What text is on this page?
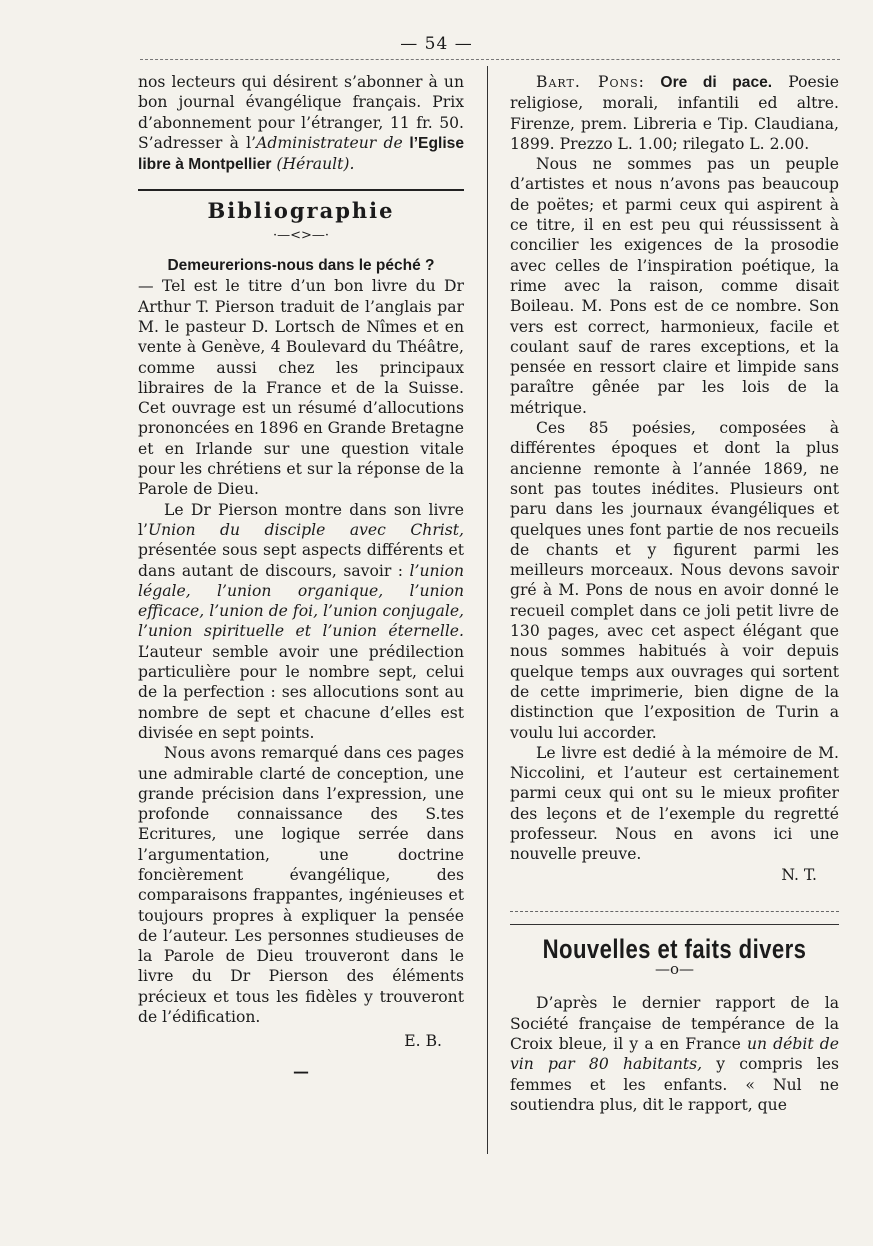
— 54 —

nos lecteurs qui désirent s’abonner à un bon journal évangélique français. Prix d’abonnement pour l’étranger, 11 fr. 50. S’adresser à l’Administrateur de l’Eglise libre à Montpellier (Hérault).

Bibliographie
·—<>—·
Demeurerions-nous dans le péché ?

— Tel est le titre d’un bon livre du Dr Arthur T. Pierson traduit de l’anglais par M. le pasteur D. Lortsch de Nîmes et en vente à Genève, 4 Boulevard du Théâtre, comme aussi chez les principaux libraires de la France et de la Suisse. Cet ouvrage est un résumé d’allocutions prononcées en 1896 en Grande Bretagne et en Irlande sur une question vitale pour les chrétiens et sur la réponse de la Parole de Dieu.

Le Dr Pierson montre dans son livre l’Union du disciple avec Christ, présentée sous sept aspects différents et dans autant de discours, savoir : l’union légale, l’union organique, l’union efficace, l’union de foi, l’union conjugale, l’union spirituelle et l’union éternelle. L’auteur semble avoir une prédilection particulière pour le nombre sept, celui de la perfection : ses allocutions sont au nombre de sept et chacune d’elles est divisée en sept points.

Nous avons remarqué dans ces pages une admirable clarté de conception, une grande précision dans l’expression, une profonde connaissance des S.tes Ecritures, une logique serrée dans l’argumentation, une doctrine foncièrement évangélique, des comparaisons frappantes, ingénieuses et toujours propres à expliquer la pensée de l’auteur. Les personnes studieuses de la Parole de Dieu trouveront dans le livre du Dr Pierson des éléments précieux et tous les fidèles y trouveront de l’édification.

E. B.
—

Bart. Pons: Ore di pace. Poesie religiose, morali, infantili ed altre. Firenze, prem. Libreria e Tip. Claudiana, 1899. Prezzo L. 1.00; rilegato L. 2.00.

Nous ne sommes pas un peuple d’artistes et nous n’avons pas beaucoup de poëtes; et parmi ceux qui aspirent à ce titre, il en est peu qui réussissent à concilier les exigences de la prosodie avec celles de l’inspiration poétique, la rime avec la raison, comme disait Boileau. M. Pons est de ce nombre. Son vers est correct, harmonieux, facile et coulant sauf de rares exceptions, et la pensée en ressort claire et limpide sans paraître gênée par les lois de la métrique.

Ces 85 poésies, composées à différentes époques et dont la plus ancienne remonte à l’année 1869, ne sont pas toutes inédites. Plusieurs ont paru dans les journaux évangéliques et quelques unes font partie de nos recueils de chants et y figurent parmi les meilleurs morceaux. Nous devons savoir gré à M. Pons de nous en avoir donné le recueil complet dans ce joli petit livre de 130 pages, avec cet aspect élégant que nous sommes habitués à voir depuis quelque temps aux ouvrages qui sortent de cette imprimerie, bien digne de la distinction que l’exposition de Turin a voulu lui accorder.

Le livre est dedié à la mémoire de M. Niccolini, et l’auteur est certainement parmi ceux qui ont su le mieux profiter des leçons et de l’exemple du regretté professeur. Nous en avons ici une nouvelle preuve.

N. T.
Nouvelles et faits divers
—o—

D’après le dernier rapport de la Société française de tempérance de la Croix bleue, il y a en France un débit de vin par 80 habitants, y compris les femmes et les enfants. « Nul ne soutiendra plus, dit le rapport, que
